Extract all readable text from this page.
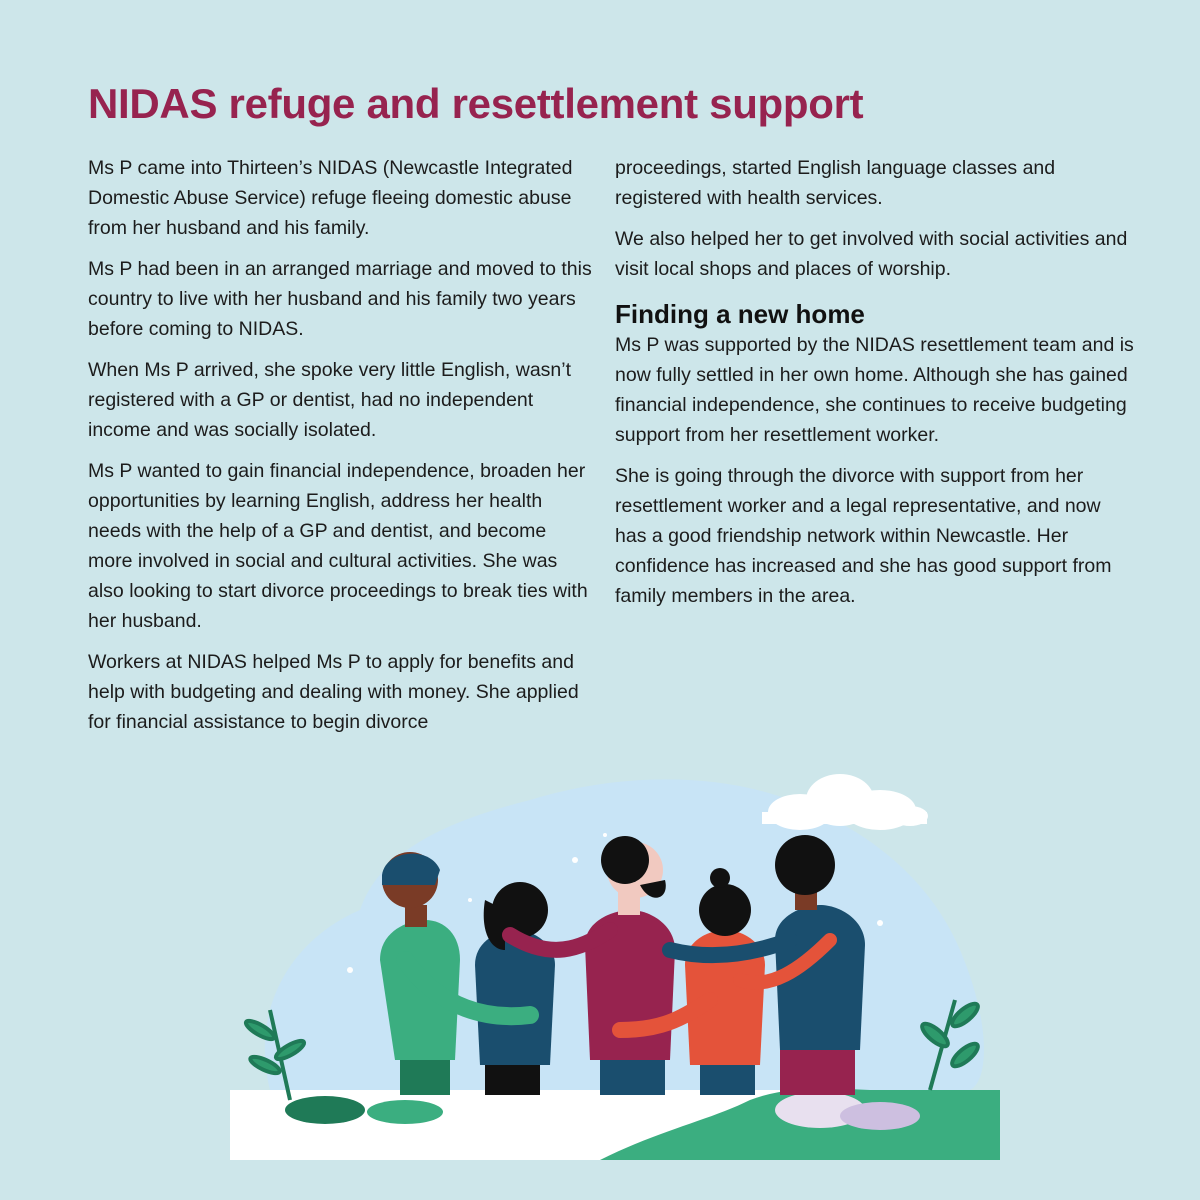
NIDAS refuge and resettlement support

Ms P came into Thirteen’s NIDAS (Newcastle Integrated Domestic Abuse Service) refuge fleeing domestic abuse from her husband and his family.

Ms P had been in an arranged marriage and moved to this country to live with her husband and his family two years before coming to NIDAS.

When Ms P arrived, she spoke very little English, wasn’t registered with a GP or dentist, had no independent income and was socially isolated.

Ms P wanted to gain financial independence, broaden her opportunities by learning English, address her health needs with the help of a GP and dentist, and become more involved in social and cultural activities. She was also looking to start divorce proceedings to break ties with her husband.

Workers at NIDAS helped Ms P to apply for benefits and help with budgeting and dealing with money. She applied for financial assistance to begin divorce

proceedings, started English language classes and registered with health services.

We also helped her to get involved with social activities and visit local shops and places of worship.

Finding a new home

Ms P was supported by the NIDAS resettlement team and is now fully settled in her own home. Although she has gained financial independence, she continues to receive budgeting support from her resettlement worker.

She is going through the divorce with support from her resettlement worker and a legal representative, and now has a good friendship network within Newcastle. Her confidence has increased and she has good support from family members in the area.
